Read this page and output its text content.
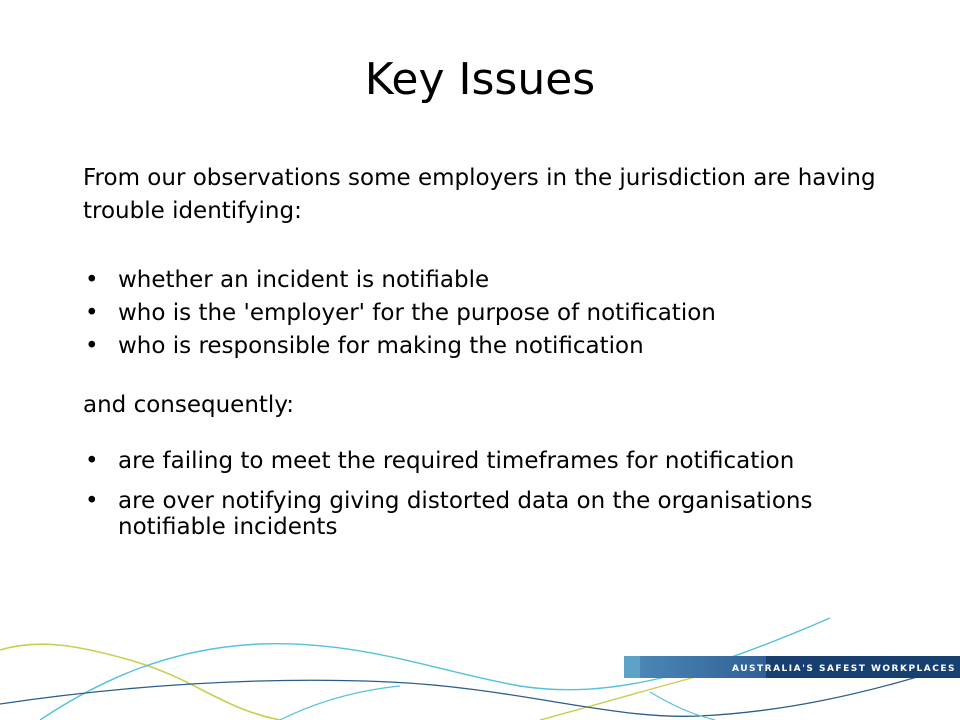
Key Issues

From our observations some employers in the jurisdiction are having trouble identifying:

• whether an incident is notifiable
• who is the 'employer' for the purpose of notification
• who is responsible for making the notification

and consequently:

• are failing to meet the required timeframes for notification
• are over notifying giving distorted data on the organisations notifiable incidents
AUSTRALIA'S SAFEST WORKPLACES
